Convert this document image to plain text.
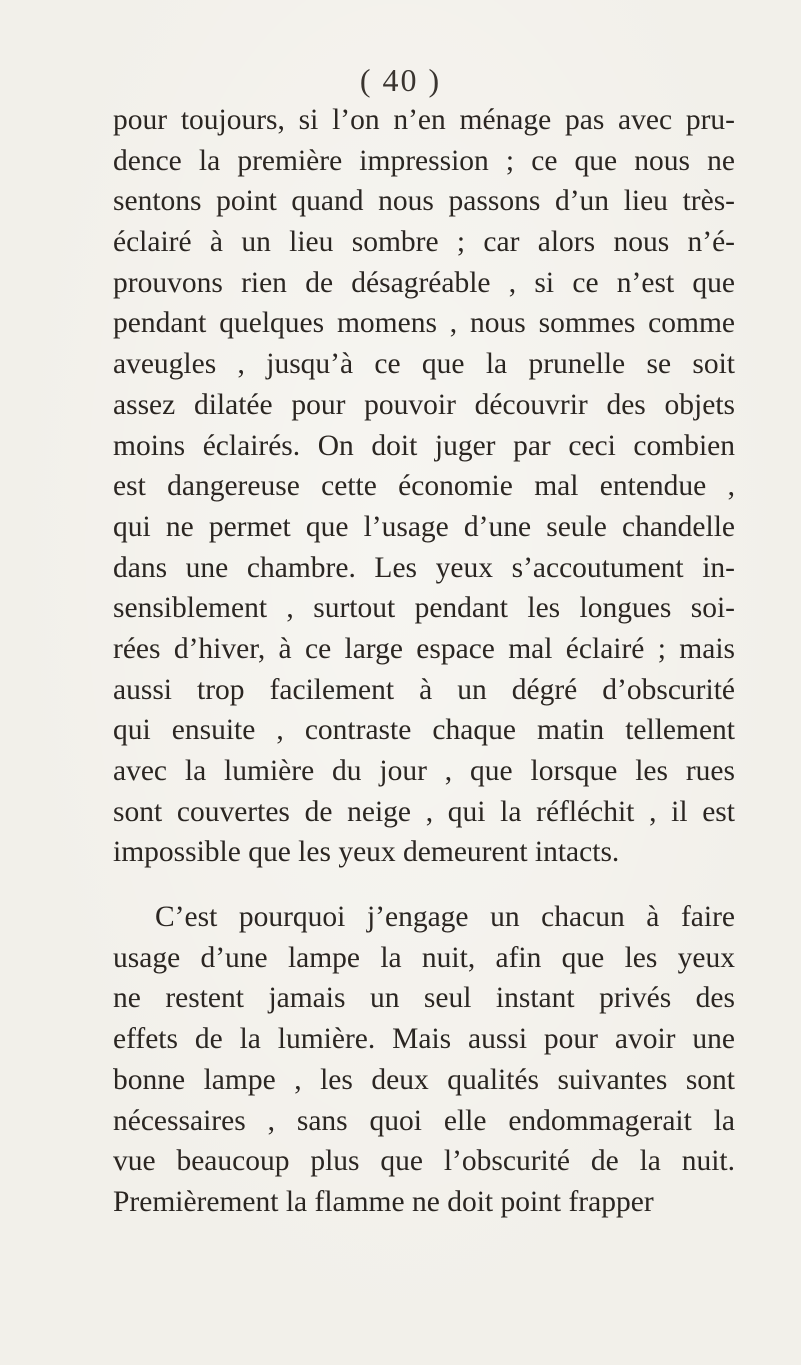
( 40 )
pour toujours, si l’on n’en ménage pas avec pru-
dence la première impression ; ce que nous ne
sentons point quand nous passons d’un lieu très-
éclairé à un lieu sombre ; car alors nous n’é-
prouvons rien de désagréable , si ce n’est que
pendant quelques momens , nous sommes comme
aveugles , jusqu’à ce que la prunelle se soit
assez dilatée pour pouvoir découvrir des objets
moins éclairés. On doit juger par ceci combien
est dangereuse cette économie mal entendue ,
qui ne permet que l’usage d’une seule chandelle
dans une chambre. Les yeux s’accoutument in-
sensiblement , surtout pendant les longues soi-
rées d’hiver, à ce large espace mal éclairé ; mais
aussi trop facilement à un dégré d’obscurité
qui ensuite , contraste chaque matin tellement
avec la lumière du jour , que lorsque les rues
sont couvertes de neige , qui la réfléchit , il est
impossible que les yeux demeurent intacts.
C’est pourquoi j’engage un chacun à faire
usage d’une lampe la nuit, afin que les yeux
ne restent jamais un seul instant privés des
effets de la lumière. Mais aussi pour avoir une
bonne lampe , les deux qualités suivantes sont
nécessaires , sans quoi elle endommagerait la
vue beaucoup plus que l’obscurité de la nuit.
Premièrement la flamme ne doit point frapper
